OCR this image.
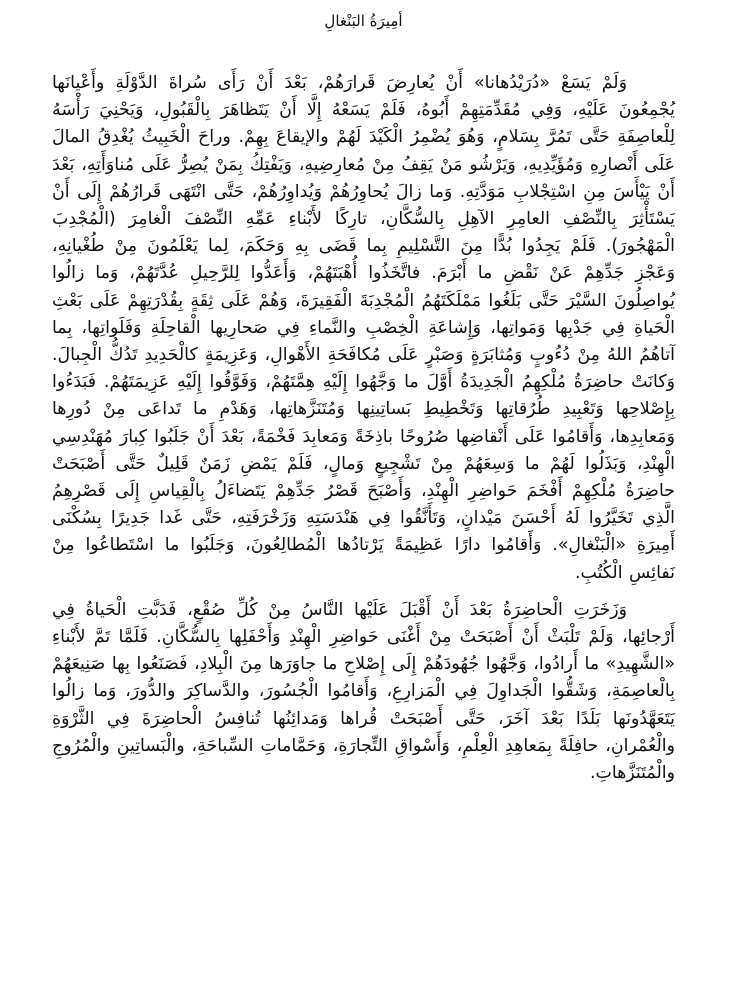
أمِيرَةُ البَنْغالِ

وَلَمْ يَسَعْ «دُرَيْدُهانا» أَنْ يُعارِضَ قَرارَهُمْ، بَعْدَ أَنْ رَأَى سُراةَ الدَّوْلَةِ وأَعْيانَها يُجْمِعُونَ عَلَيْهِ، وَفِي مُقَدِّمَتِهِمْ أَبُوهُ، فَلَمْ يَسَعْهُ إِلَّا أَنْ يَتَظاهَرَ بِالْقَبُولِ، وَيَحْنِيَ رَأْسَهُ لِلْعاصِفَةِ حَتَّى تَمُرَّ بِسَلامٍ، وَهُوَ يُضْمِرُ الْكَيْدَ لَهُمْ والإيقاعَ بِهِمْ. وراحَ الْخَبِيثُ يُغْدِقُ المالَ عَلَى أَنْصارِهِ وَمُؤَيِّدِيهِ، وَيَرْشُو مَنْ يَقِفُ مِنْ مُعارِضِيهِ، وَيَفْتِكُ بِمَنْ يُصِرُّ عَلَى مُناوَأَتِهِ، بَعْدَ أَنْ يَيْأَسَ مِنِ اسْتِجْلابِ مَوَدَّتِهِ. وَما زالَ يُحاوِرُهُمْ وَيُداوِرُهُمْ، حَتَّى انْتَهَى قَرارُهُمْ إِلَى أَنْ يَسْتَأْثِرَ بِالنِّصْفِ العامِرِ الآهِلِ بِالسُّكَّانِ، تارِكًا لأَبْناءِ عَمِّهِ النِّصْفَ الْغامِرَ (الْمُجْدِبَ الْمَهْجُورَ). فَلَمْ يَجِدُوا بُدًّا مِنَ التَّسْلِيمِ بِما قَضَى بِهِ وَحَكَمَ، لِما يَعْلَمُونَ مِنْ طُغْيانِهِ، وَعَجْزِ جَدِّهِمْ عَنْ نَقْضِ ما أَبْرَمَ. فاتَّخَذُوا أُهْبَتَهُمْ، وَأَعَدُّوا لِلرَّحِيلِ عُدَّتَهُمْ، وَما زالُوا يُواصِلُونَ السَّيْرَ حَتَّى بَلَغُوا مَمْلَكَتَهُمُ الْمُجْدِبَةَ الْفَقِيرَةَ، وَهُمْ عَلَى ثِقَةٍ بِقُدْرَتِهِمْ عَلَى بَعْثِ الْحَياةِ فِي جَدْبِها وَمَواتِها، وَإِشاعَةِ الْخِصْبِ والنَّماءِ فِي صَحارِيها الْقاحِلَةِ وَفَلَواتِها، بِما آتاهُمُ اللهُ مِنْ دُءُوبٍ وَمُثابَرَةٍ وَصَبْرٍ عَلَى مُكافَحَةِ الأَهْوالِ، وَعَزِيمَةٍ كالْحَدِيدِ تَدُكُّ الْجِبالَ. وَكانَتْ حاضِرَةُ مُلْكِهِمُ الْجَدِيدَةُ أَوَّلَ ما وَجَّهُوا إِلَيْهِ هِمَّتَهُمْ، وَفَوَّقُوا إِلَيْهِ عَزِيمَتَهُمْ. فَبَدَءُوا بِإِصْلاحِها وَتَعْبِيدِ طُرُقاتِها وَتَخْطِيطِ بَساتِينِها وَمُتَنَزَّهاتِها، وَهَدْمِ ما تَداعَى مِنْ دُورِها وَمَعابِدِها، وَأَقامُوا عَلَى أَنْقاضِها صُرُوحًا باذِخَةً وَمَعابِدَ فَخْمَةً، بَعْدَ أَنْ جَلَبُوا كِبارَ مُهَنْدِسِي الْهِنْدِ، وَبَذَلُوا لَهُمْ ما وَسِعَهُمْ مِنْ تَشْجِيعٍ وَمالٍ، فَلَمْ يَمْضِ زَمَنٌ قَلِيلٌ حَتَّى أَصْبَحَتْ حاضِرَةُ مُلْكِهِمْ أَفْخَمَ حَواضِرِ الْهِنْدِ، وَأَصْبَحَ قَصْرُ جَدِّهِمْ يَتَضاءَلُ بِالْقِياسِ إِلَى قَصْرِهِمُ الَّذِي تَخَيَّرُوا لَهُ أَحْسَنَ مَيْدانٍ، وَتَأَنَّقُوا فِي هَنْدَسَتِهِ وَزَخْرَفَتِهِ، حَتَّى غَدا جَدِيرًا بِسُكْنَى أَمِيرَةِ «الْبَنْغالِ». وَأَقامُوا دارًا عَظِيمَةً يَرْتادُها الْمُطالِعُونَ، وَجَلَبُوا ما اسْتَطاعُوا مِنْ نَفائِسِ الْكُتُبِ.

وَزَخَرَتِ الْحاضِرَةُ بَعْدَ أَنْ أَقْبَلَ عَلَيْها النَّاسُ مِنْ كُلِّ صُقْعٍ، فَدَبَّتِ الْحَياةُ فِي أَرْجائِها، وَلَمْ تَلْبَثْ أَنْ أَصْبَحَتْ مِنْ أَغْنَى حَواضِرِ الْهِنْدِ وَأَحْفَلِها بِالسُّكَّانِ. فَلَمَّا تَمَّ لأَبْناءِ «الشَّهِيدِ» ما أَرادُوا، وَجَّهُوا جُهُودَهُمْ إِلَى إِصْلاحِ ما جاوَرَها مِنَ الْبِلادِ، فَصَنَعُوا بِها صَنِيعَهُمْ بِالْعاصِمَةِ، وَشَقُّوا الْجَداوِلَ فِي الْمَزارِعِ، وَأَقامُوا الْجُسُورَ، والدَّساكِرَ والدُّورَ، وَما زالُوا يَتَعَهَّدُونَها بَلَدًا بَعْدَ آخَرَ، حَتَّى أَصْبَحَتْ قُراها وَمَدائِنُها تُنافِسُ الْحاضِرَةَ فِي الثَّرْوَةِ والْعُمْرانِ، حافِلَةً بِمَعاهِدِ الْعِلْمِ، وَأَسْواقِ التِّجارَةِ، وَحَمَّاماتِ السِّباحَةِ، والْبَساتِينِ والْمُرُوجِ والْمُتَنَزَّهاتِ.
